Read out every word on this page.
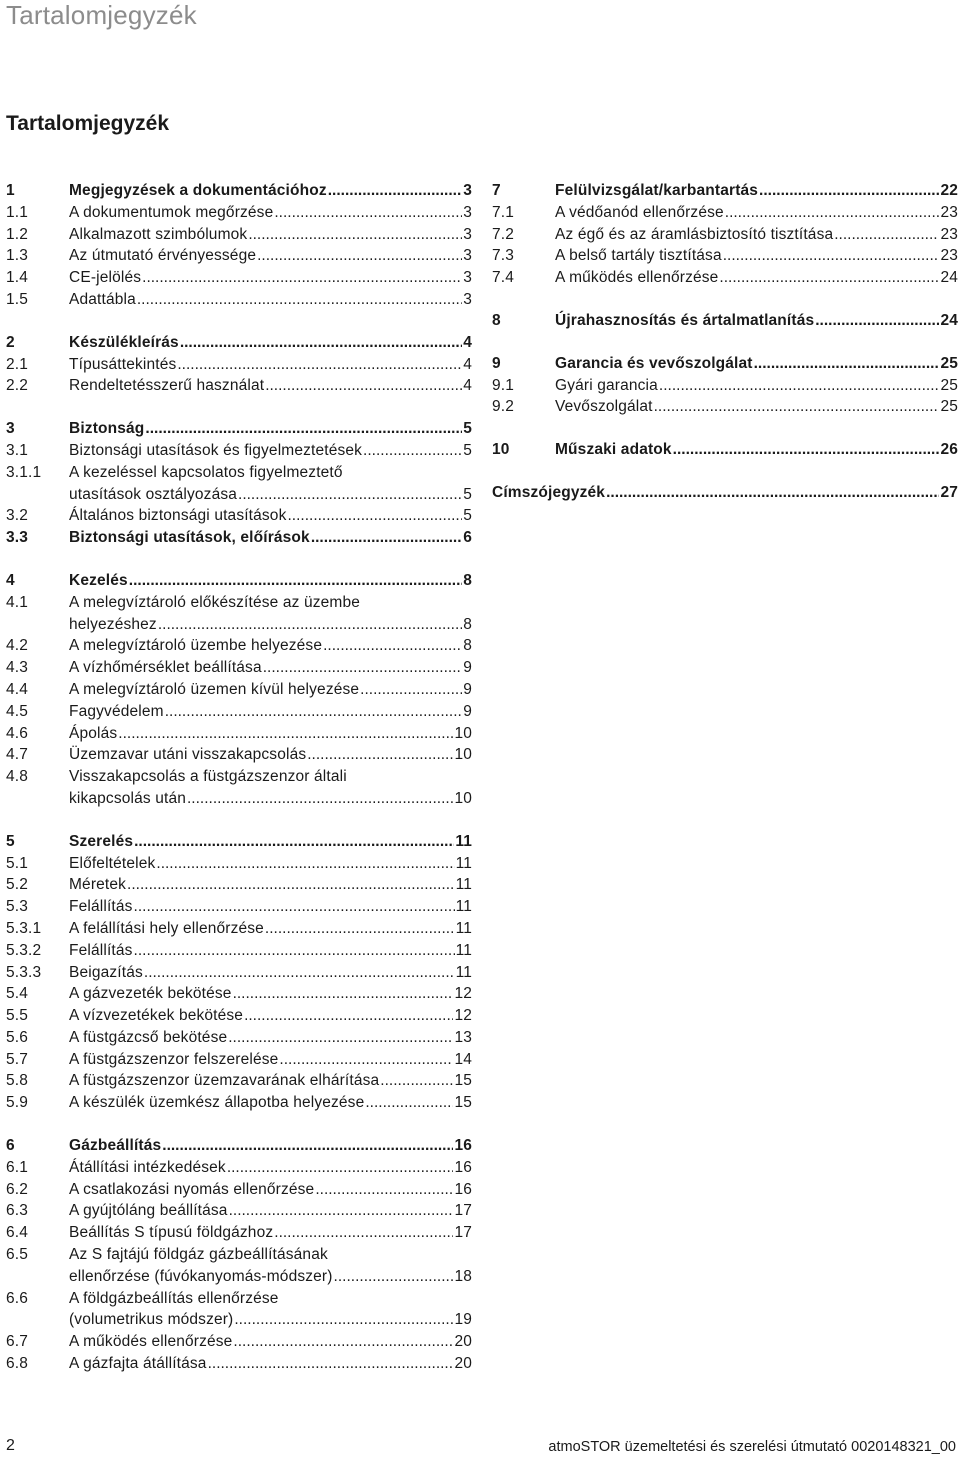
Tartalomjegyzék
Tartalomjegyzék
1	Megjegyzések a dokumentációhoz .....	3
1.1	A dokumentumok megőrzése .....	3
1.2	Alkalmazott szimbólumok .....	3
1.3	Az útmutató érvényessége .....	3
1.4	CE-jelölés .....	3
1.5	Adattábla .....	3
2	Készülékleírás .....	4
2.1	Típusáttekintés .....	4
2.2	Rendeltetésszerű használat .....	4
3	Biztonság .....	5
3.1	Biztonsági utasítások és figyelmeztetések .....	5
3.1.1	A kezeléssel kapcsolatos figyelmeztető
utasítások osztályozása .....	5
3.2	Általános biztonsági utasítások .....	5
3.3	Biztonsági utasítások, előírások .....	6
4	Kezelés .....	8
4.1	A melegvíztároló előkészítése az üzembe
helyezéshez .....	8
4.2	A melegvíztároló üzembe helyezése .....	8
4.3	A vízhőmérséklet beállítása .....	9
4.4	A melegvíztároló üzemen kívül helyezése .....	9
4.5	Fagyvédelem .....	9
4.6	Ápolás .....	10
4.7	Üzemzavar utáni visszakapcsolás .....	10
4.8	Visszakapcsolás a füstgázszenzor általi
kikapcsolás után .....	10
5	Szerelés .....	11
5.1	Előfeltételek .....	11
5.2	Méretek .....	11
5.3	Felállítás .....	11
5.3.1	A felállítási hely ellenőrzése .....	11
5.3.2	Felállítás .....	11
5.3.3	Beigazítás .....	11
5.4	A gázvezeték bekötése .....	12
5.5	A vízvezetékek bekötése .....	12
5.6	A füstgázcső bekötése .....	13
5.7	A füstgázszenzor felszerelése .....	14
5.8	A füstgázszenzor üzemzavarának elhárítása .....	15
5.9	A készülék üzemkész állapotba helyezése .....	15
6	Gázbeállítás .....	16
6.1	Átállítási intézkedések .....	16
6.2	A csatlakozási nyomás ellenőrzése .....	16
6.3	A gyújtóláng beállítása .....	17
6.4	Beállítás S típusú földgázhoz .....	17
6.5	Az S fajtájú földgáz gázbeállításának
ellenőrzése (fúvókanyomás-módszer) .....	18
6.6	A földgázbeállítás ellenőrzése
(volumetrikus módszer) .....	19
6.7	A működés ellenőrzése .....	20
6.8	A gázfajta átállítása .....	20
7	Felülvizsgálat/karbantartás .....	22
7.1	A védőanód ellenőrzése .....	23
7.2	Az égő és az áramlásbiztosító tisztítása .....	23
7.3	A belső tartály tisztítása .....	23
7.4	A működés ellenőrzése .....	24
8	Újrahasznosítás és ártalmatlanítás .....	24
9	Garancia és vevőszolgálat .....	25
9.1	Gyári garancia .....	25
9.2	Vevőszolgálat .....	25
10	Műszaki adatok .....	26
Címszójegyzék .....	27
2	atmoSTOR üzemeltetési és szerelési útmutató 0020148321_00
